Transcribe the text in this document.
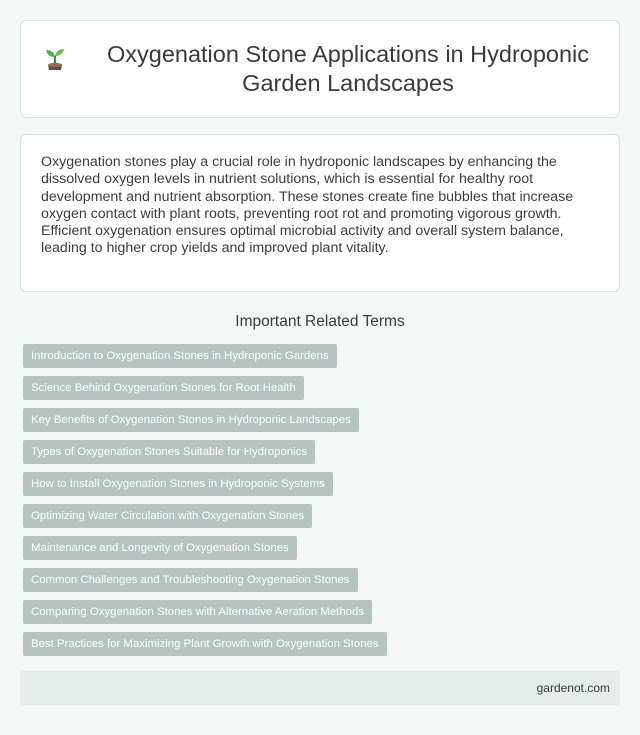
Oxygenation Stone Applications in Hydroponic Garden Landscapes

Oxygenation stones play a crucial role in hydroponic landscapes by enhancing the dissolved oxygen levels in nutrient solutions, which is essential for healthy root development and nutrient absorption. These stones create fine bubbles that increase oxygen contact with plant roots, preventing root rot and promoting vigorous growth. Efficient oxygenation ensures optimal microbial activity and overall system balance, leading to higher crop yields and improved plant vitality.

Important Related Terms
Introduction to Oxygenation Stones in Hydroponic Gardens
Science Behind Oxygenation Stones for Root Health
Key Benefits of Oxygenation Stones in Hydroponic Landscapes
Types of Oxygenation Stones Suitable for Hydroponics
How to Install Oxygenation Stones in Hydroponic Systems
Optimizing Water Circulation with Oxygenation Stones
Maintenance and Longevity of Oxygenation Stones
Common Challenges and Troubleshooting Oxygenation Stones
Comparing Oxygenation Stones with Alternative Aeration Methods
Best Practices for Maximizing Plant Growth with Oxygenation Stones
gardenot.com
